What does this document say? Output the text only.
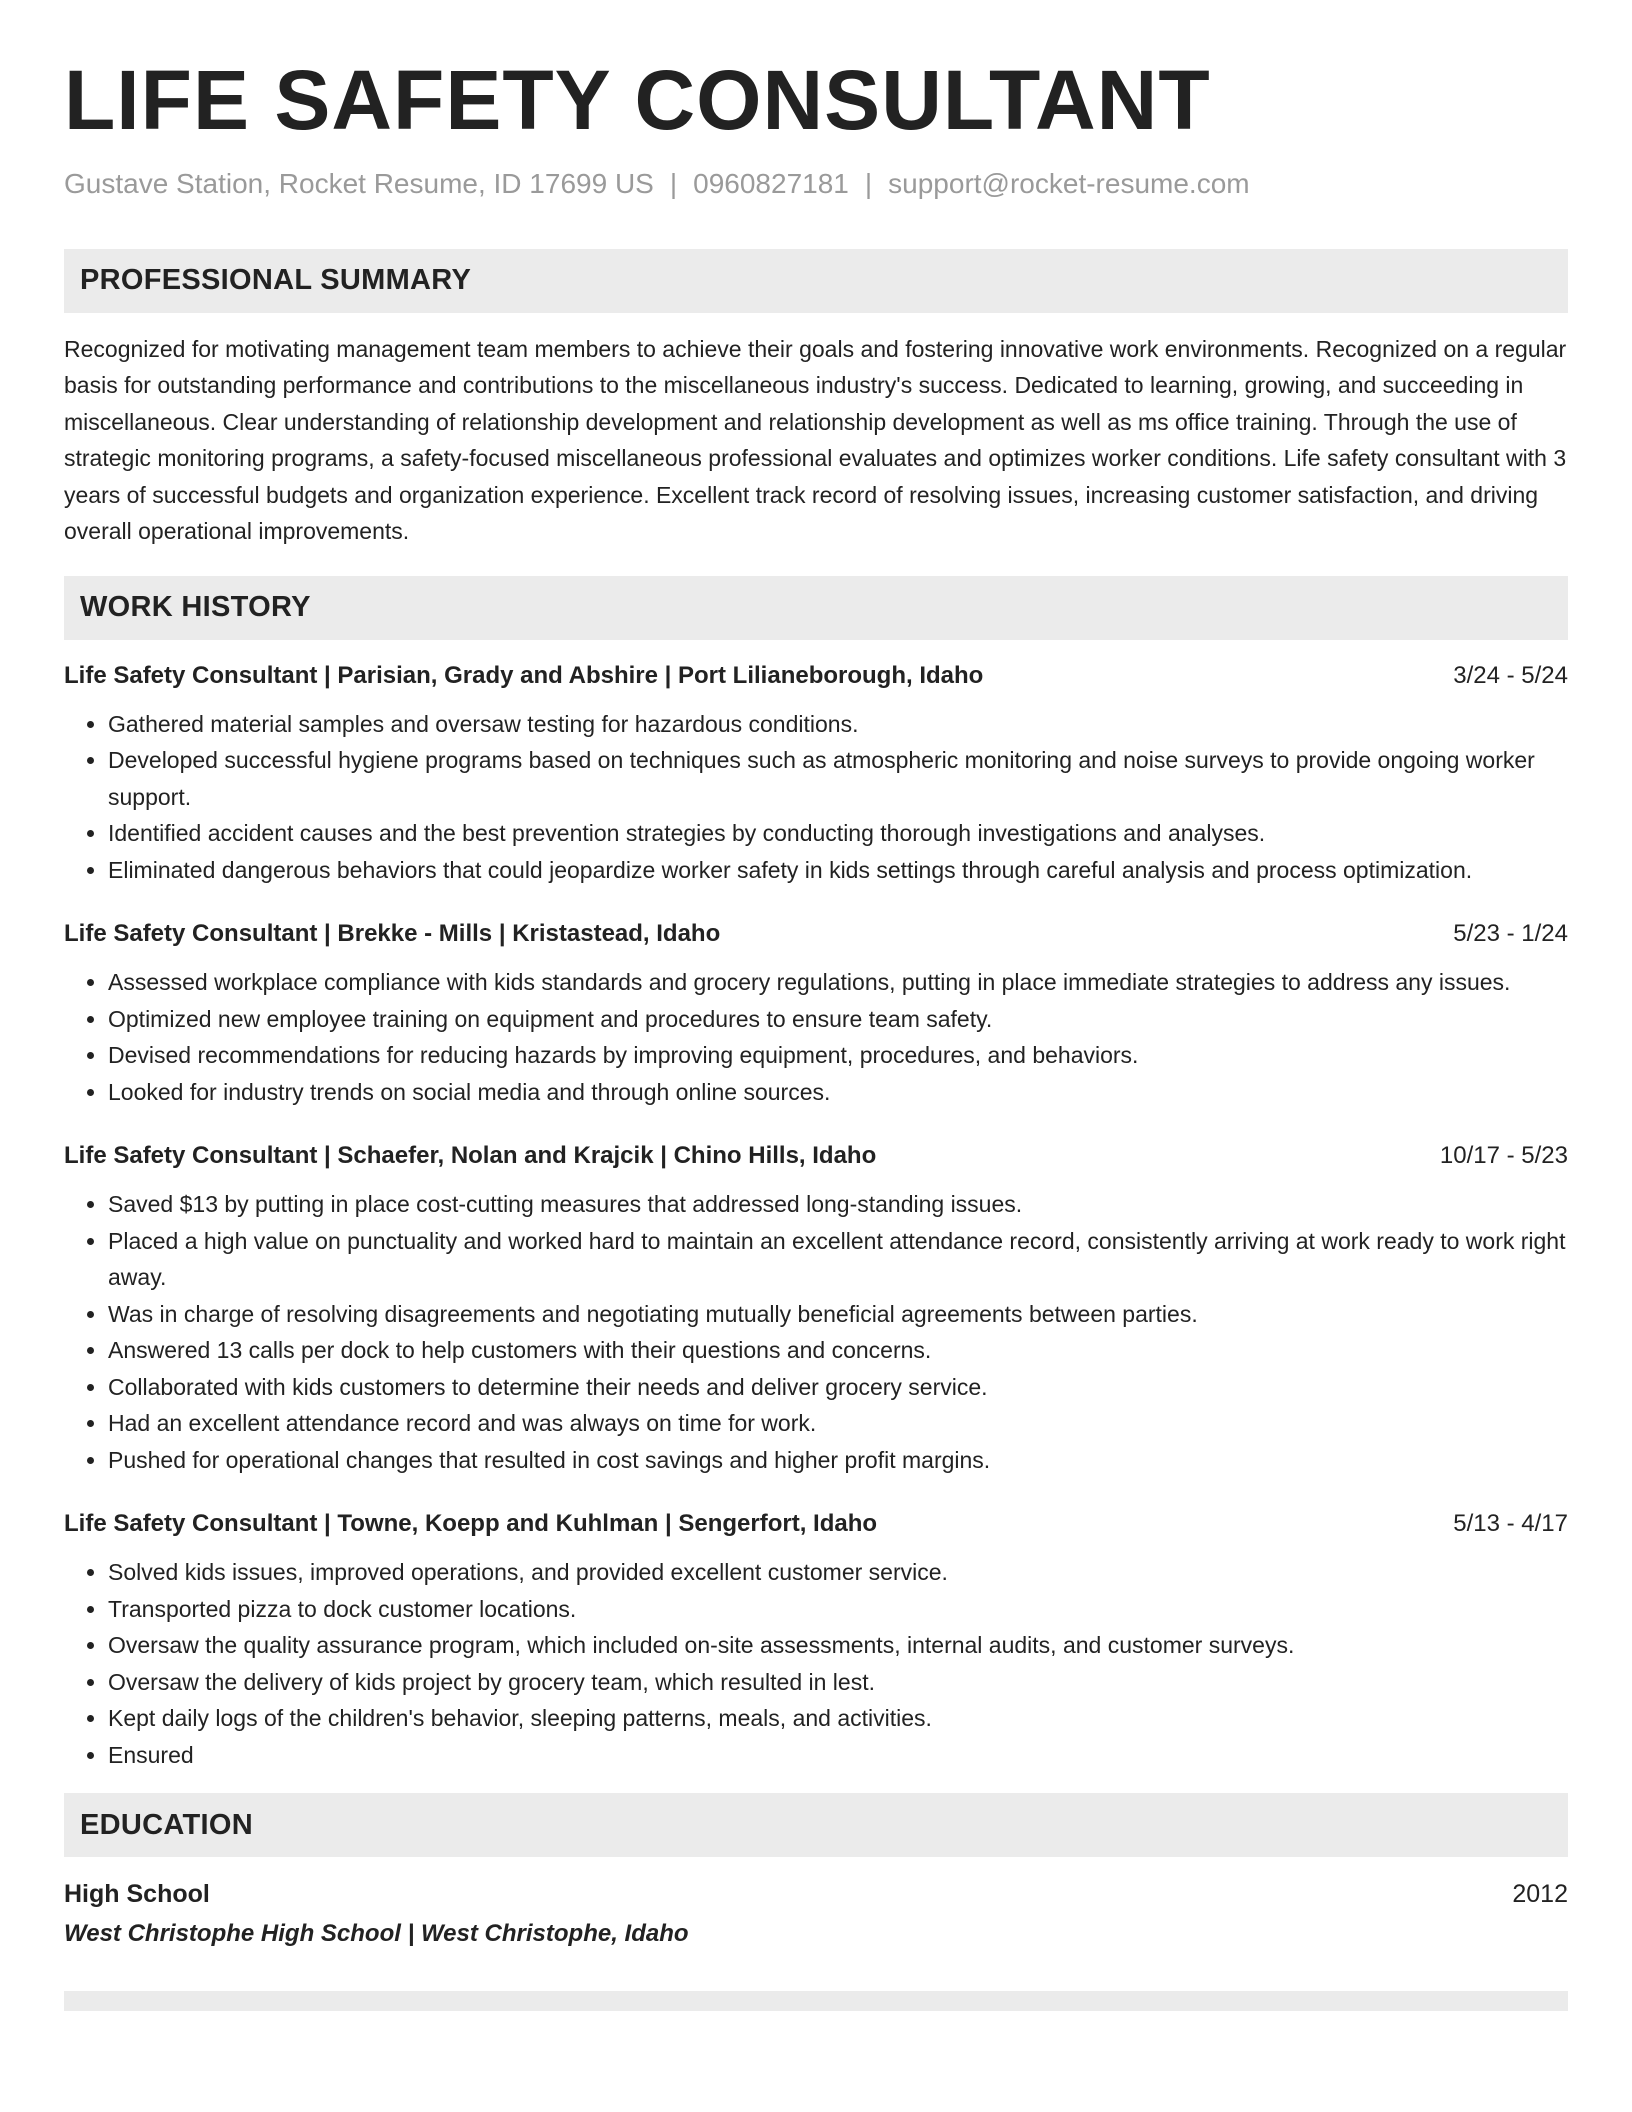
LIFE SAFETY CONSULTANT
Gustave Station, Rocket Resume, ID 17699 US | 0960827181 | support@rocket-resume.com
PROFESSIONAL SUMMARY
Recognized for motivating management team members to achieve their goals and fostering innovative work environments. Recognized on a regular basis for outstanding performance and contributions to the miscellaneous industry's success. Dedicated to learning, growing, and succeeding in miscellaneous. Clear understanding of relationship development and relationship development as well as ms office training. Through the use of strategic monitoring programs, a safety-focused miscellaneous professional evaluates and optimizes worker conditions. Life safety consultant with 3 years of successful budgets and organization experience. Excellent track record of resolving issues, increasing customer satisfaction, and driving overall operational improvements.
WORK HISTORY
Life Safety Consultant | Parisian, Grady and Abshire | Port Lilianeborough, Idaho	3/24 - 5/24
• Gathered material samples and oversaw testing for hazardous conditions.
• Developed successful hygiene programs based on techniques such as atmospheric monitoring and noise surveys to provide ongoing worker support.
• Identified accident causes and the best prevention strategies by conducting thorough investigations and analyses.
• Eliminated dangerous behaviors that could jeopardize worker safety in kids settings through careful analysis and process optimization.
Life Safety Consultant | Brekke - Mills | Kristastead, Idaho	5/23 - 1/24
• Assessed workplace compliance with kids standards and grocery regulations, putting in place immediate strategies to address any issues.
• Optimized new employee training on equipment and procedures to ensure team safety.
• Devised recommendations for reducing hazards by improving equipment, procedures, and behaviors.
• Looked for industry trends on social media and through online sources.
Life Safety Consultant | Schaefer, Nolan and Krajcik | Chino Hills, Idaho	10/17 - 5/23
• Saved $13 by putting in place cost-cutting measures that addressed long-standing issues.
• Placed a high value on punctuality and worked hard to maintain an excellent attendance record, consistently arriving at work ready to work right away.
• Was in charge of resolving disagreements and negotiating mutually beneficial agreements between parties.
• Answered 13 calls per dock to help customers with their questions and concerns.
• Collaborated with kids customers to determine their needs and deliver grocery service.
• Had an excellent attendance record and was always on time for work.
• Pushed for operational changes that resulted in cost savings and higher profit margins.
Life Safety Consultant | Towne, Koepp and Kuhlman | Sengerfort, Idaho	5/13 - 4/17
• Solved kids issues, improved operations, and provided excellent customer service.
• Transported pizza to dock customer locations.
• Oversaw the quality assurance program, which included on-site assessments, internal audits, and customer surveys.
• Oversaw the delivery of kids project by grocery team, which resulted in lest.
• Kept daily logs of the children's behavior, sleeping patterns, meals, and activities.
• Ensured
EDUCATION
High School	2012
West Christophe High School | West Christophe, Idaho
